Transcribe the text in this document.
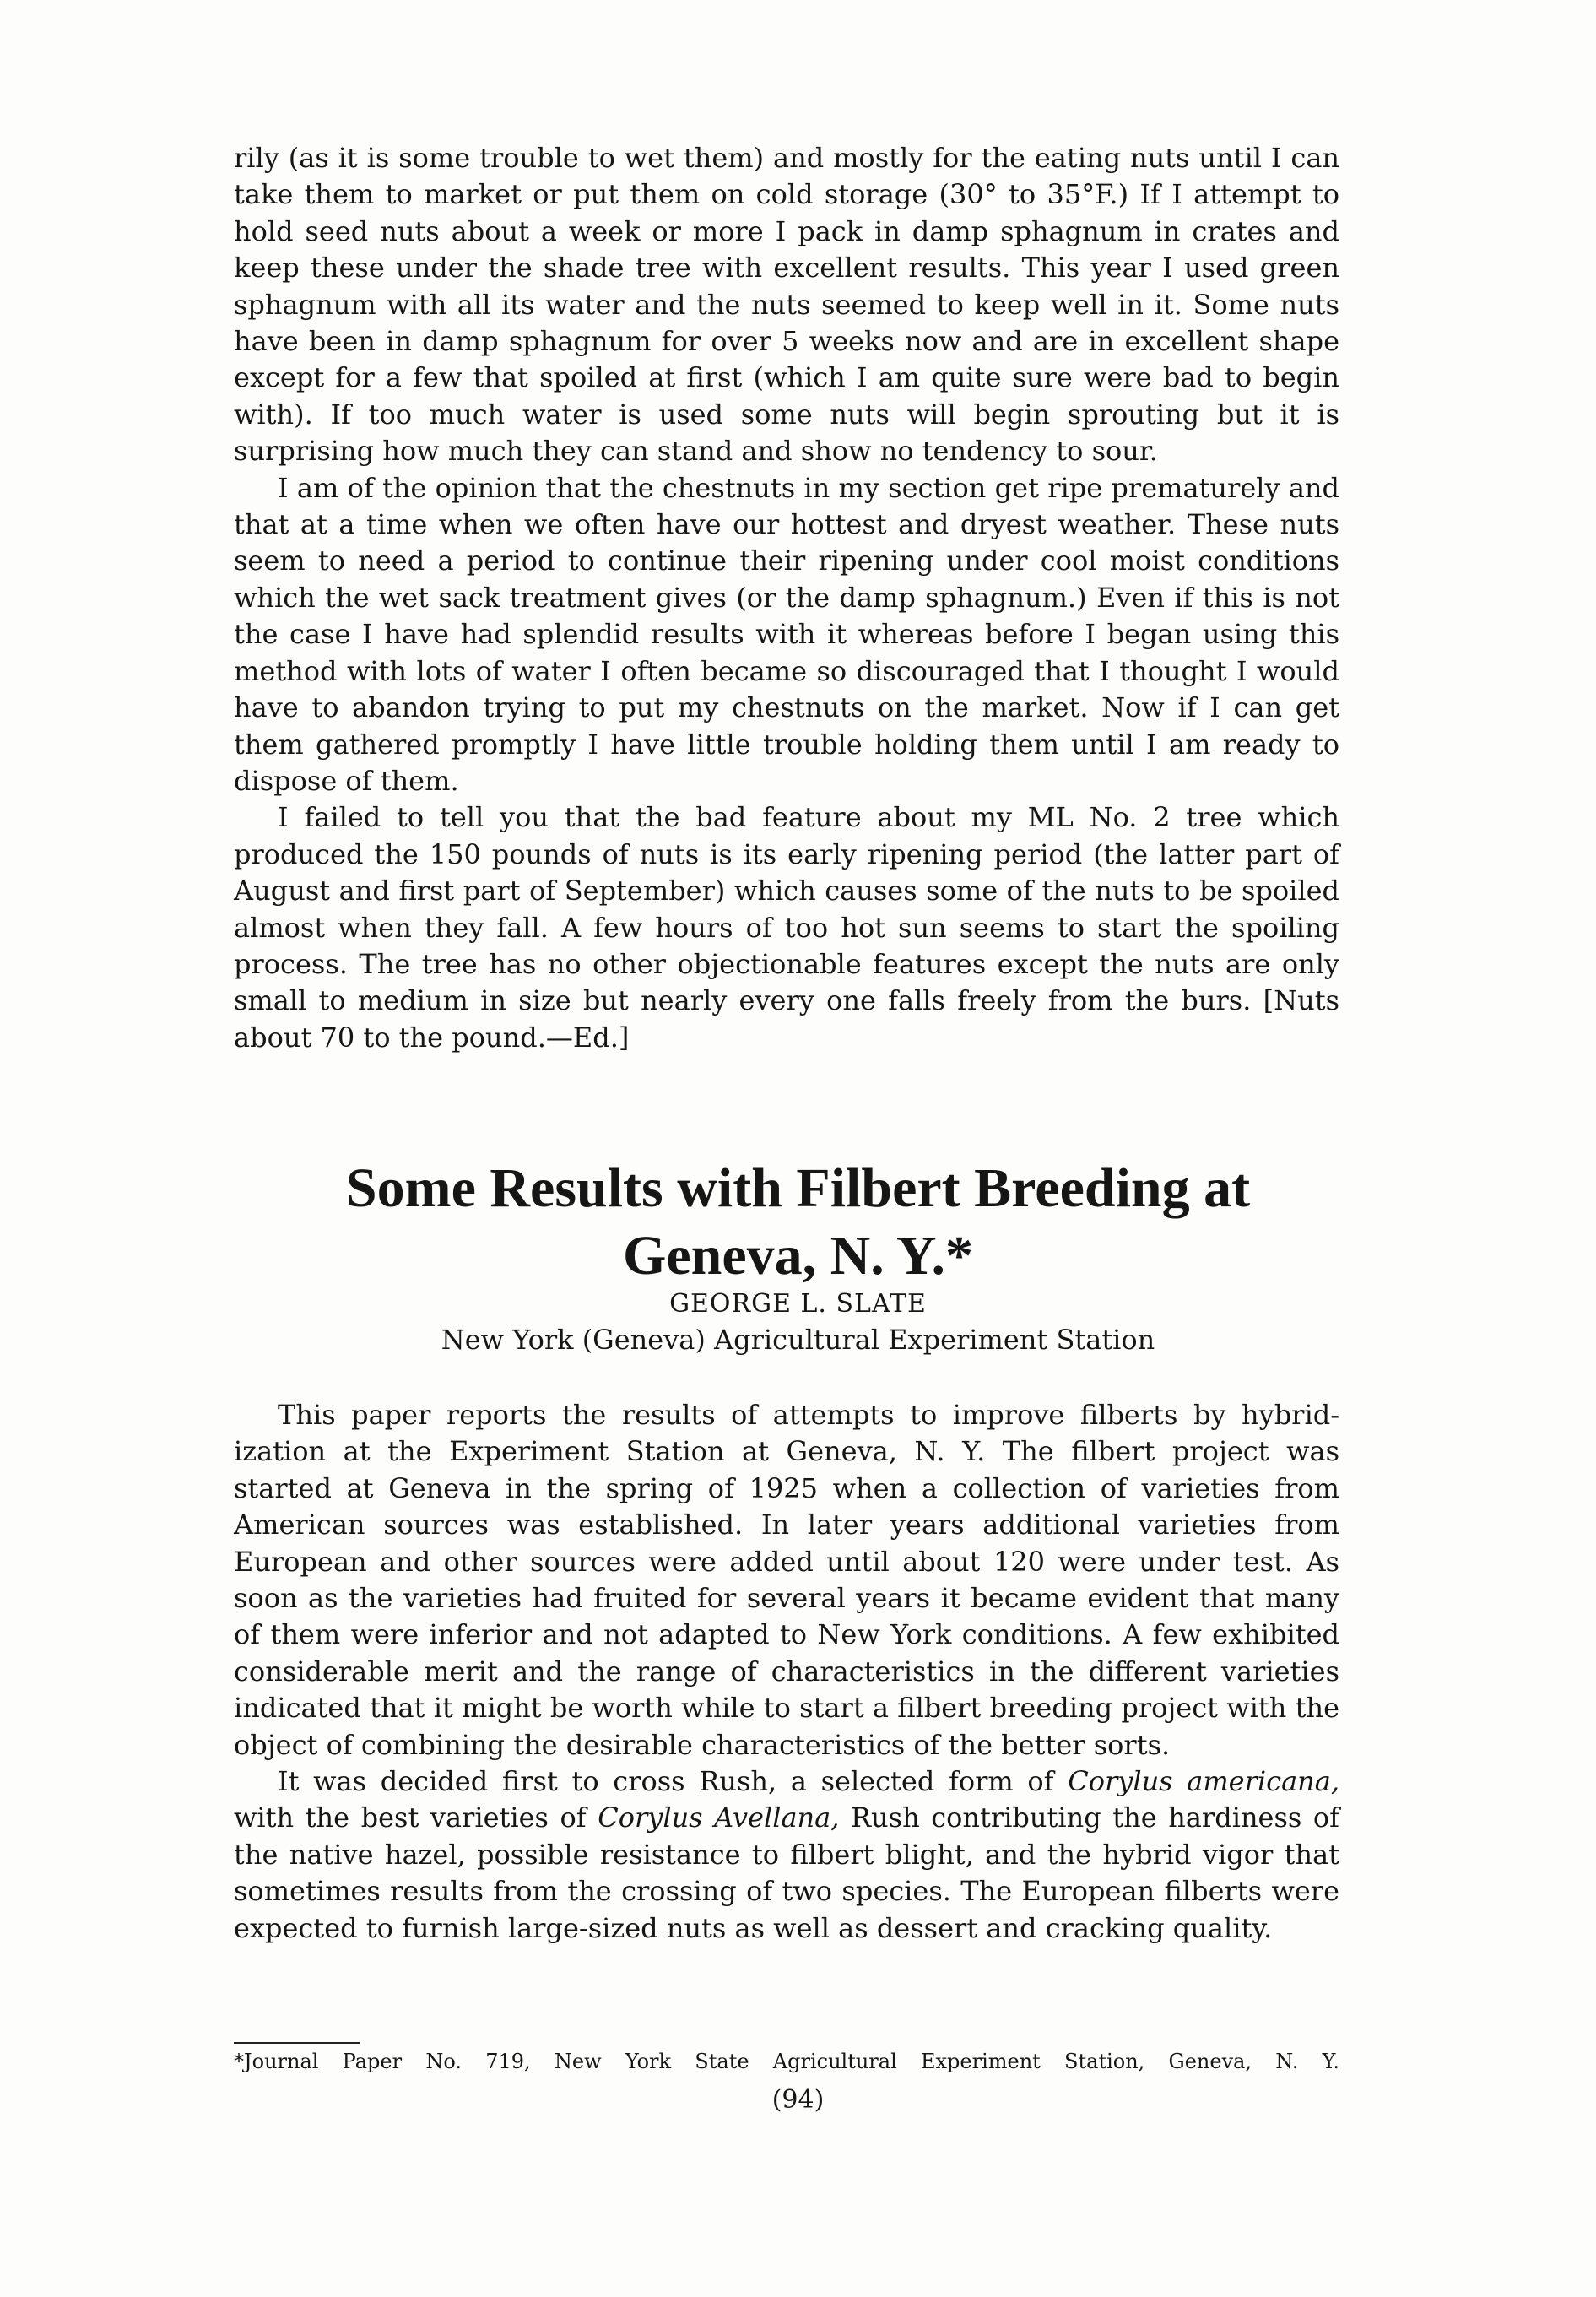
rily (as it is some trouble to wet them) and mostly for the eating nuts until I can take them to market or put them on cold storage (30° to 35°F.) If I attempt to hold seed nuts about a week or more I pack in damp sphagnum in crates and keep these under the shade tree with excellent results. This year I used green sphagnum with all its water and the nuts seemed to keep well in it. Some nuts have been in damp sphagnum for over 5 weeks now and are in excellent shape except for a few that spoiled at first (which I am quite sure were bad to begin with). If too much water is used some nuts will begin sprouting but it is surprising how much they can stand and show no tendency to sour.

I am of the opinion that the chestnuts in my section get ripe prematurely and that at a time when we often have our hottest and dryest weather. These nuts seem to need a period to continue their ripening under cool moist conditions which the wet sack treatment gives (or the damp sphagnum.) Even if this is not the case I have had splendid results with it whereas before I began using this method with lots of water I often became so discouraged that I thought I would have to abandon trying to put my chestnuts on the market. Now if I can get them gathered promptly I have little trouble holding them until I am ready to dispose of them.

I failed to tell you that the bad feature about my ML No. 2 tree which produced the 150 pounds of nuts is its early ripening period (the latter part of August and first part of September) which causes some of the nuts to be spoiled almost when they fall. A few hours of too hot sun seems to start the spoiling process. The tree has no other objectionable features except the nuts are only small to medium in size but nearly every one falls freely from the burs. [Nuts about 70 to the pound.—Ed.]

Some Results with Filbert Breeding at
Geneva, N. Y.*
GEORGE L. SLATE
New York (Geneva) Agricultural Experiment Station

This paper reports the results of attempts to improve filberts by hybridization at the Experiment Station at Geneva, N. Y. The filbert project was started at Geneva in the spring of 1925 when a collection of varieties from American sources was established. In later years additional varieties from European and other sources were added until about 120 were under test. As soon as the varieties had fruited for several years it became evident that many of them were inferior and not adapted to New York conditions. A few exhibited considerable merit and the range of characteristics in the different varieties indicated that it might be worth while to start a filbert breeding project with the object of combining the desirable characteristics of the better sorts.

It was decided first to cross Rush, a selected form of Corylus americana, with the best varieties of Corylus Avellana, Rush contributing the hardiness of the native hazel, possible resistance to filbert blight, and the hybrid vigor that sometimes results from the crossing of two species. The European filberts were expected to furnish large-sized nuts as well as dessert and cracking quality.

*Journal Paper No. 719, New York State Agricultural Experiment Station, Geneva, N. Y.
(94)
